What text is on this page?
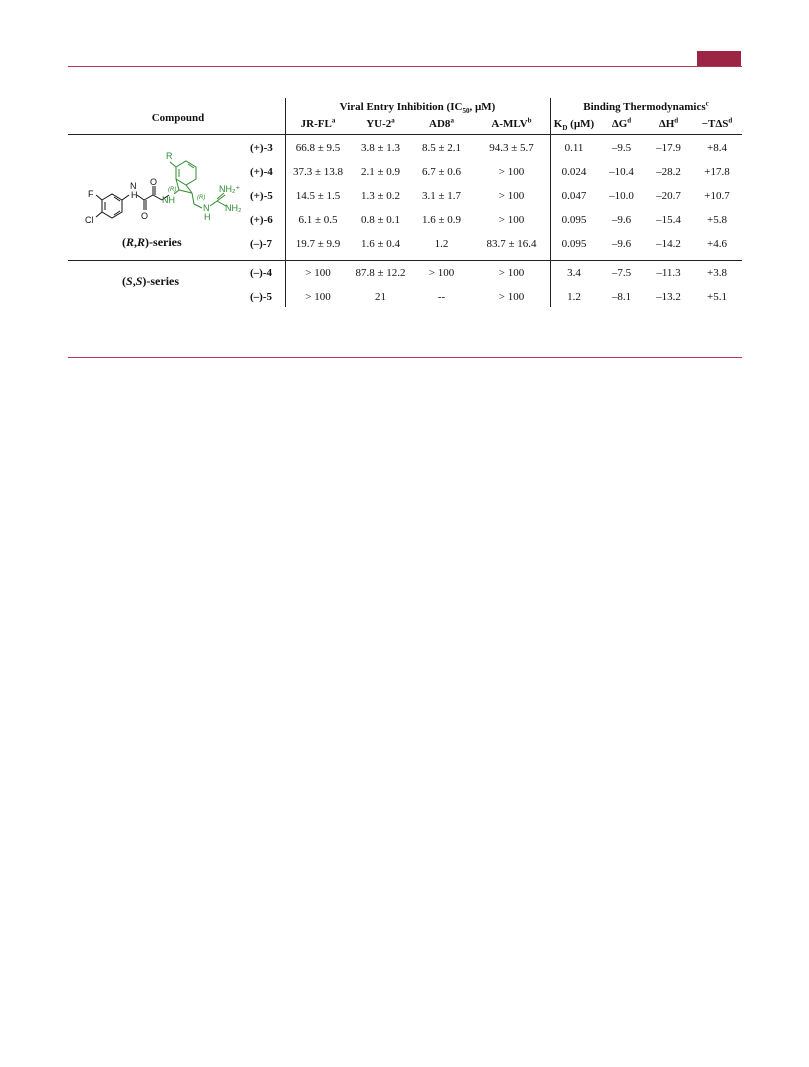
Compound
Viral Entry Inhibition ($IC_{50}$, µM)	Binding Thermodynamics$^c$
$JR-FL^a$	YU-2$^a$	AD8$^a$	A-MLV$^b$	$K_D$ (µM)	$\Delta G^d$	$\Delta H^d$	$-T\Delta S^d$
(+)-3	66.8 ± 9.5	3.8 ± 1.3	8.5 ± 2.1	94.3 ± 5.7	0.11	–9.5	–17.9	+8.4
(+)-4	37.3 ± 13.8	2.1 ± 0.9	6.7 ± 0.6	> 100	0.024	–10.4	–28.2	+17.8
(+)-5	14.5 ± 1.5	1.3 ± 0.2	3.1 ± 1.7	> 100	0.047	–10.0	–20.7	+10.7
(+)-6	6.1 ± 0.5	0.8 ± 0.1	1.6 ± 0.9	> 100	0.095	–9.6	–15.4	+5.8
(–)-7	19.7 ± 9.9	1.6 ± 0.4	1.2	83.7 ± 16.4	0.095	–9.6	–14.2	+4.6
(–)-4	> 100	87.8 ± 12.2	> 100	> 100	3.4	–7.5	–11.3	+3.8
(–)-5	> 100	21	--	> 100	1.2	–8.1	–13.2	+5.1
(R,R)-series
(S,S)-series
F
Cl
N
H
O
O
R
NH
(R)
(R)
N
H
NH₂⁺
NH₂
